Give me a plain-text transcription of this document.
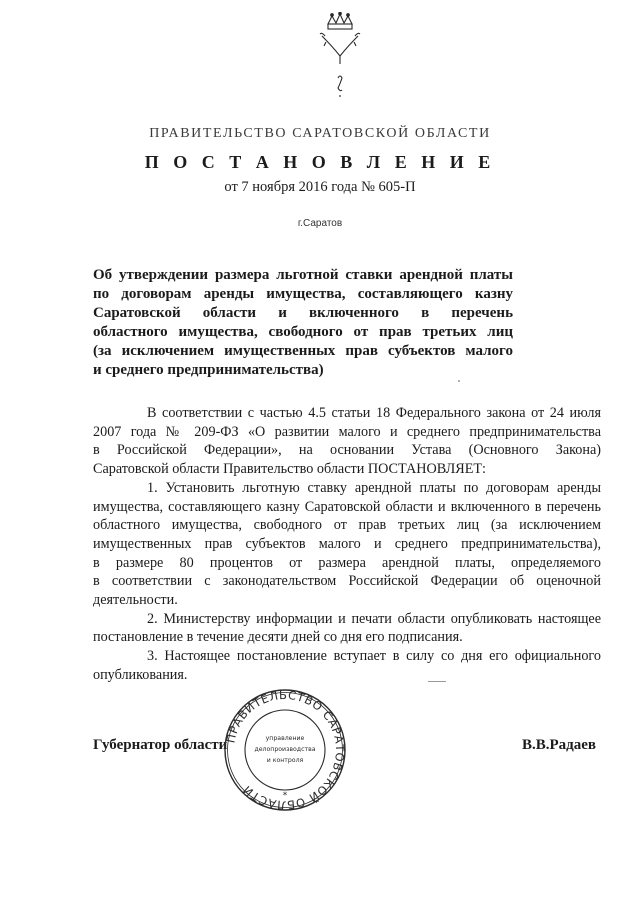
ПРАВИТЕЛЬСТВО САРАТОВСКОЙ ОБЛАСТИ
П О С Т А Н О В Л Е Н И Е
от 7 ноября 2016 года № 605-П
г.Саратов
Об утверждении размера льготной ставки арендной платы
по договорам аренды имущества, составляющего казну
Саратовской области и включенного в перечень
областного имущества, свободного от прав третьих лиц
(за исключением имущественных прав субъектов малого
и среднего предпринимательства)
В соответствии с частью 4.5 статьи 18 Федерального закона от 24 июля
2007 года № 209-ФЗ «О развитии малого и среднего предпринимательства
в Российской Федерации», на основании Устава (Основного Закона)
Саратовской области Правительство области ПОСТАНОВЛЯЕТ:
1. Установить льготную ставку арендной платы по договорам аренды
имущества, составляющего казну Саратовской области и включенного в перечень
областного имущества, свободного от прав третьих лиц (за исключением
имущественных прав субъектов малого и среднего предпринимательства),
в размере 80 процентов от размера арендной платы, определяемого
в соответствии с законодательством Российской Федерации об оценочной
деятельности.
2. Министерству информации и печати области опубликовать настоящее
постановление в течение десяти дней со дня его подписания.
3. Настоящее постановление вступает в силу со дня его официального
опубликования.
Губернатор области	В.В.Радаев
ПРАВИТЕЛЬСТВО САРАТОВСКОЙ ОБЛАСТИ
управление
делопроизводства
и контроля
*
